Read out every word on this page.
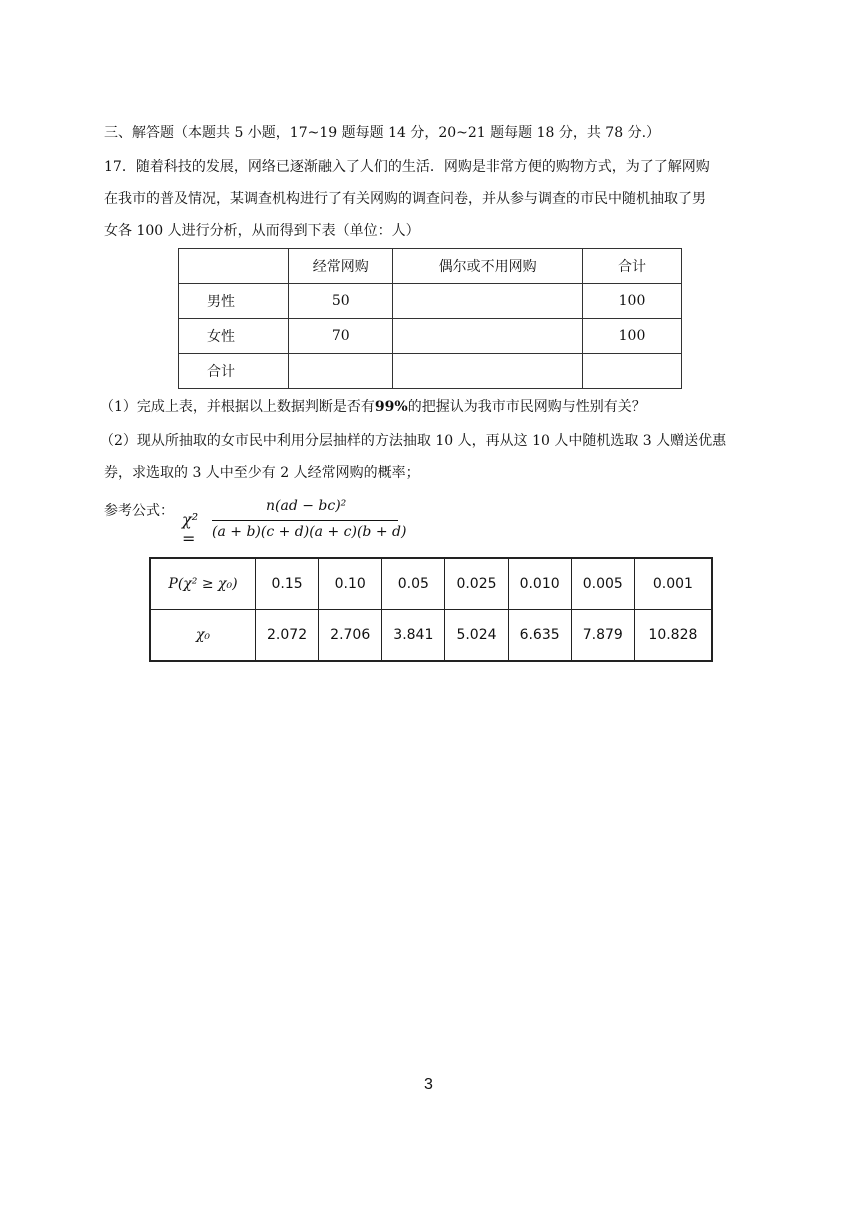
三、解答题（本题共 5 小题，17~19 题每题 14 分，20~21 题每题 18 分，共 78 分.）
17．随着科技的发展，网络已逐渐融入了人们的生活．网购是非常方便的购物方式，为了了解网购
在我市的普及情况，某调查机构进行了有关网购的调查问卷，并从参与调查的市民中随机抽取了男
女各 100 人进行分析，从而得到下表（单位：人）
	经常网购	偶尔或不用网购	合计
男性	50		100
女性	70		100
合计			
（1）完成上表，并根据以上数据判断是否有99%的把握认为我市市民网购与性别有关？
（2）现从所抽取的女市民中利用分层抽样的方法抽取 10 人，再从这 10 人中随机选取 3 人赠送优惠
券，求选取的 3 人中至少有 2 人经常网购的概率；
参考公式： χ² =
n(ad − bc)²
(a + b)(c + d)(a + c)(b + d)
P(χ² ≥ χ₀)	0.15	0.10	0.05	0.025	0.010	0.005	0.001
χ₀	2.072	2.706	3.841	5.024	6.635	7.879	10.828
3
